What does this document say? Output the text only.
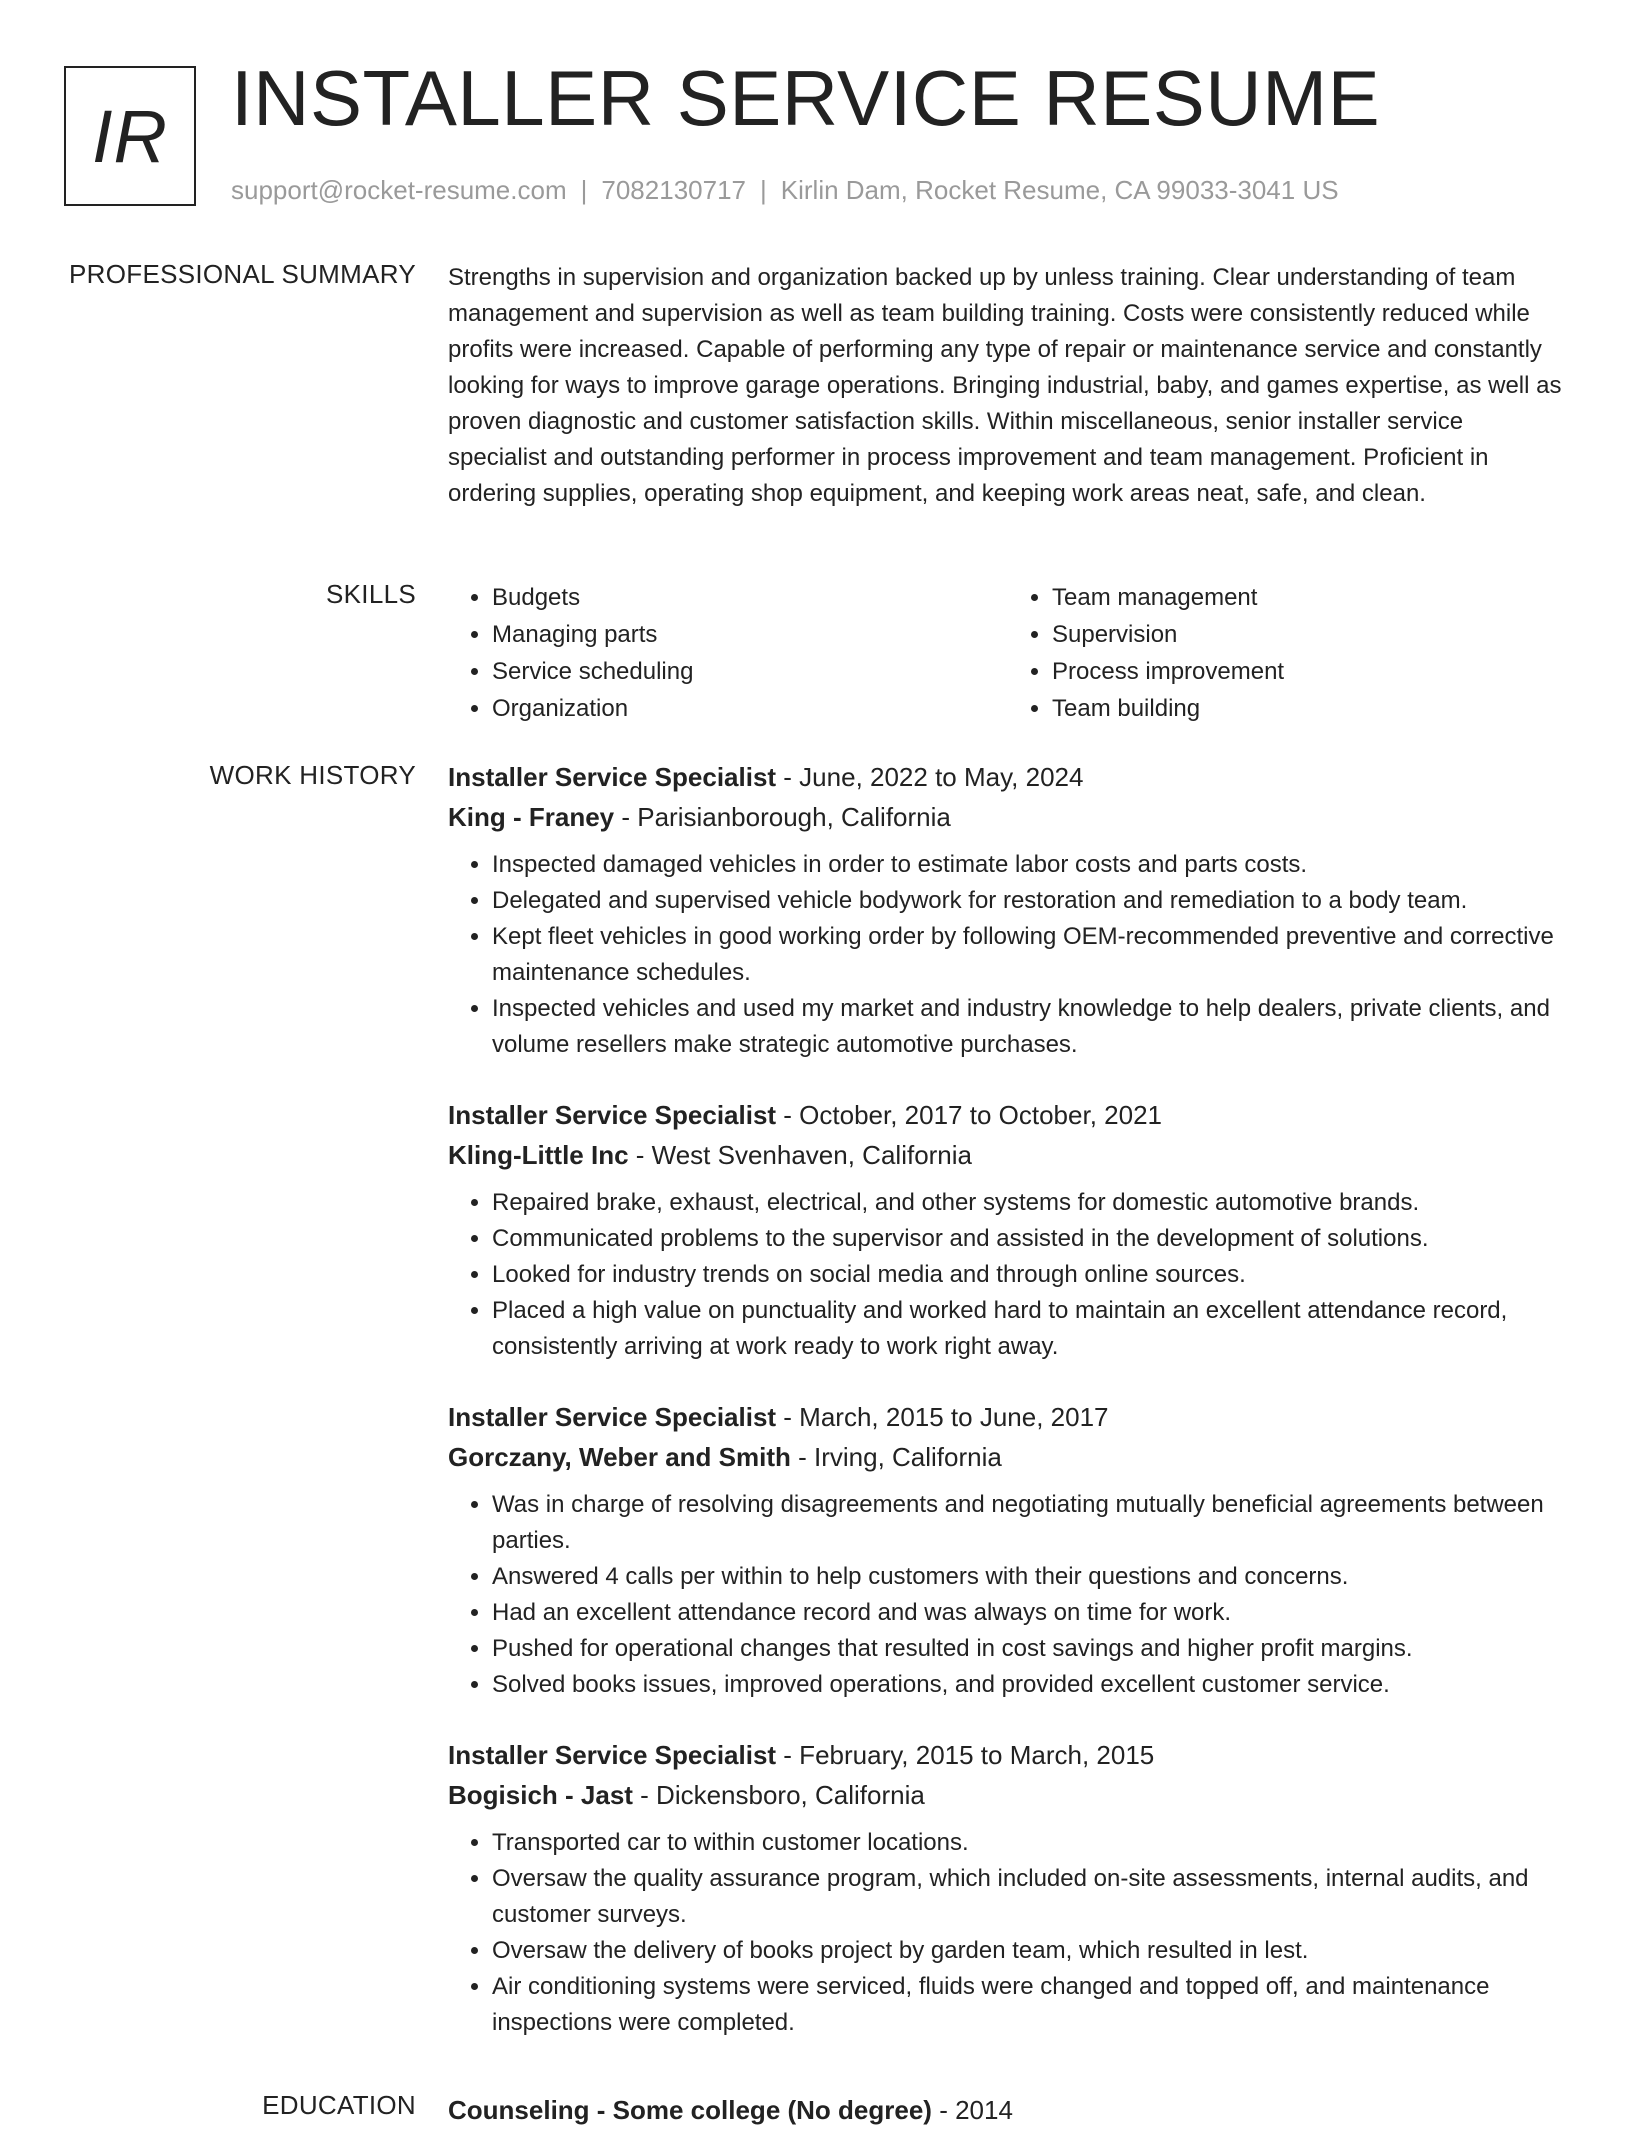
IR INSTALLER SERVICE RESUME
support@rocket-resume.com | 7082130717 | Kirlin Dam, Rocket Resume, CA 99033-3041 US
PROFESSIONAL SUMMARY Strengths in supervision and organization backed up by unless training. Clear understanding of team management and supervision as well as team building training. Costs were consistently reduced while profits were increased. Capable of performing any type of repair or maintenance service and constantly looking for ways to improve garage operations. Bringing industrial, baby, and games expertise, as well as proven diagnostic and customer satisfaction skills. Within miscellaneous, senior installer service specialist and outstanding performer in process improvement and team management. Proficient in ordering supplies, operating shop equipment, and keeping work areas neat, safe, and clean.

SKILLS
•	Budgets
• Managing parts
• Service scheduling
• Organization
• Team management
• Supervision
• Process improvement
• Team building
WORK HISTORY Installer Service Specialist - June, 2022 to May, 2024
King - Franey - Parisianborough, California
• Inspected damaged vehicles in order to estimate labor costs and parts costs.
• Delegated and supervised vehicle bodywork for restoration and remediation to a body team.
• Kept fleet vehicles in good working order by following OEM-recommended preventive and corrective maintenance schedules.
• Inspected vehicles and used my market and industry knowledge to help dealers, private clients, and volume resellers make strategic automotive purchases.
Installer Service Specialist - October, 2017 to October, 2021
Kling-Little Inc - West Svenhaven, California
• Repaired brake, exhaust, electrical, and other systems for domestic automotive brands.
• Communicated problems to the supervisor and assisted in the development of solutions.
• Looked for industry trends on social media and through online sources.
• Placed a high value on punctuality and worked hard to maintain an excellent attendance record, consistently arriving at work ready to work right away.
Installer Service Specialist - March, 2015 to June, 2017
Gorczany, Weber and Smith - Irving, California
• Was in charge of resolving disagreements and negotiating mutually beneficial agreements between parties.
• Answered 4 calls per within to help customers with their questions and concerns.
• Had an excellent attendance record and was always on time for work.
• Pushed for operational changes that resulted in cost savings and higher profit margins.
• Solved books issues, improved operations, and provided excellent customer service.
Installer Service Specialist - February, 2015 to March, 2015
Bogisich - Jast - Dickensboro, California
• Transported car to within customer locations.
• Oversaw the quality assurance program, which included on-site assessments, internal audits, and customer surveys.
• Oversaw the delivery of books project by garden team, which resulted in lest.
• Air conditioning systems were serviced, fluids were changed and topped off, and maintenance inspections were completed.
EDUCATION Counseling - Some college (No degree) - 2014
